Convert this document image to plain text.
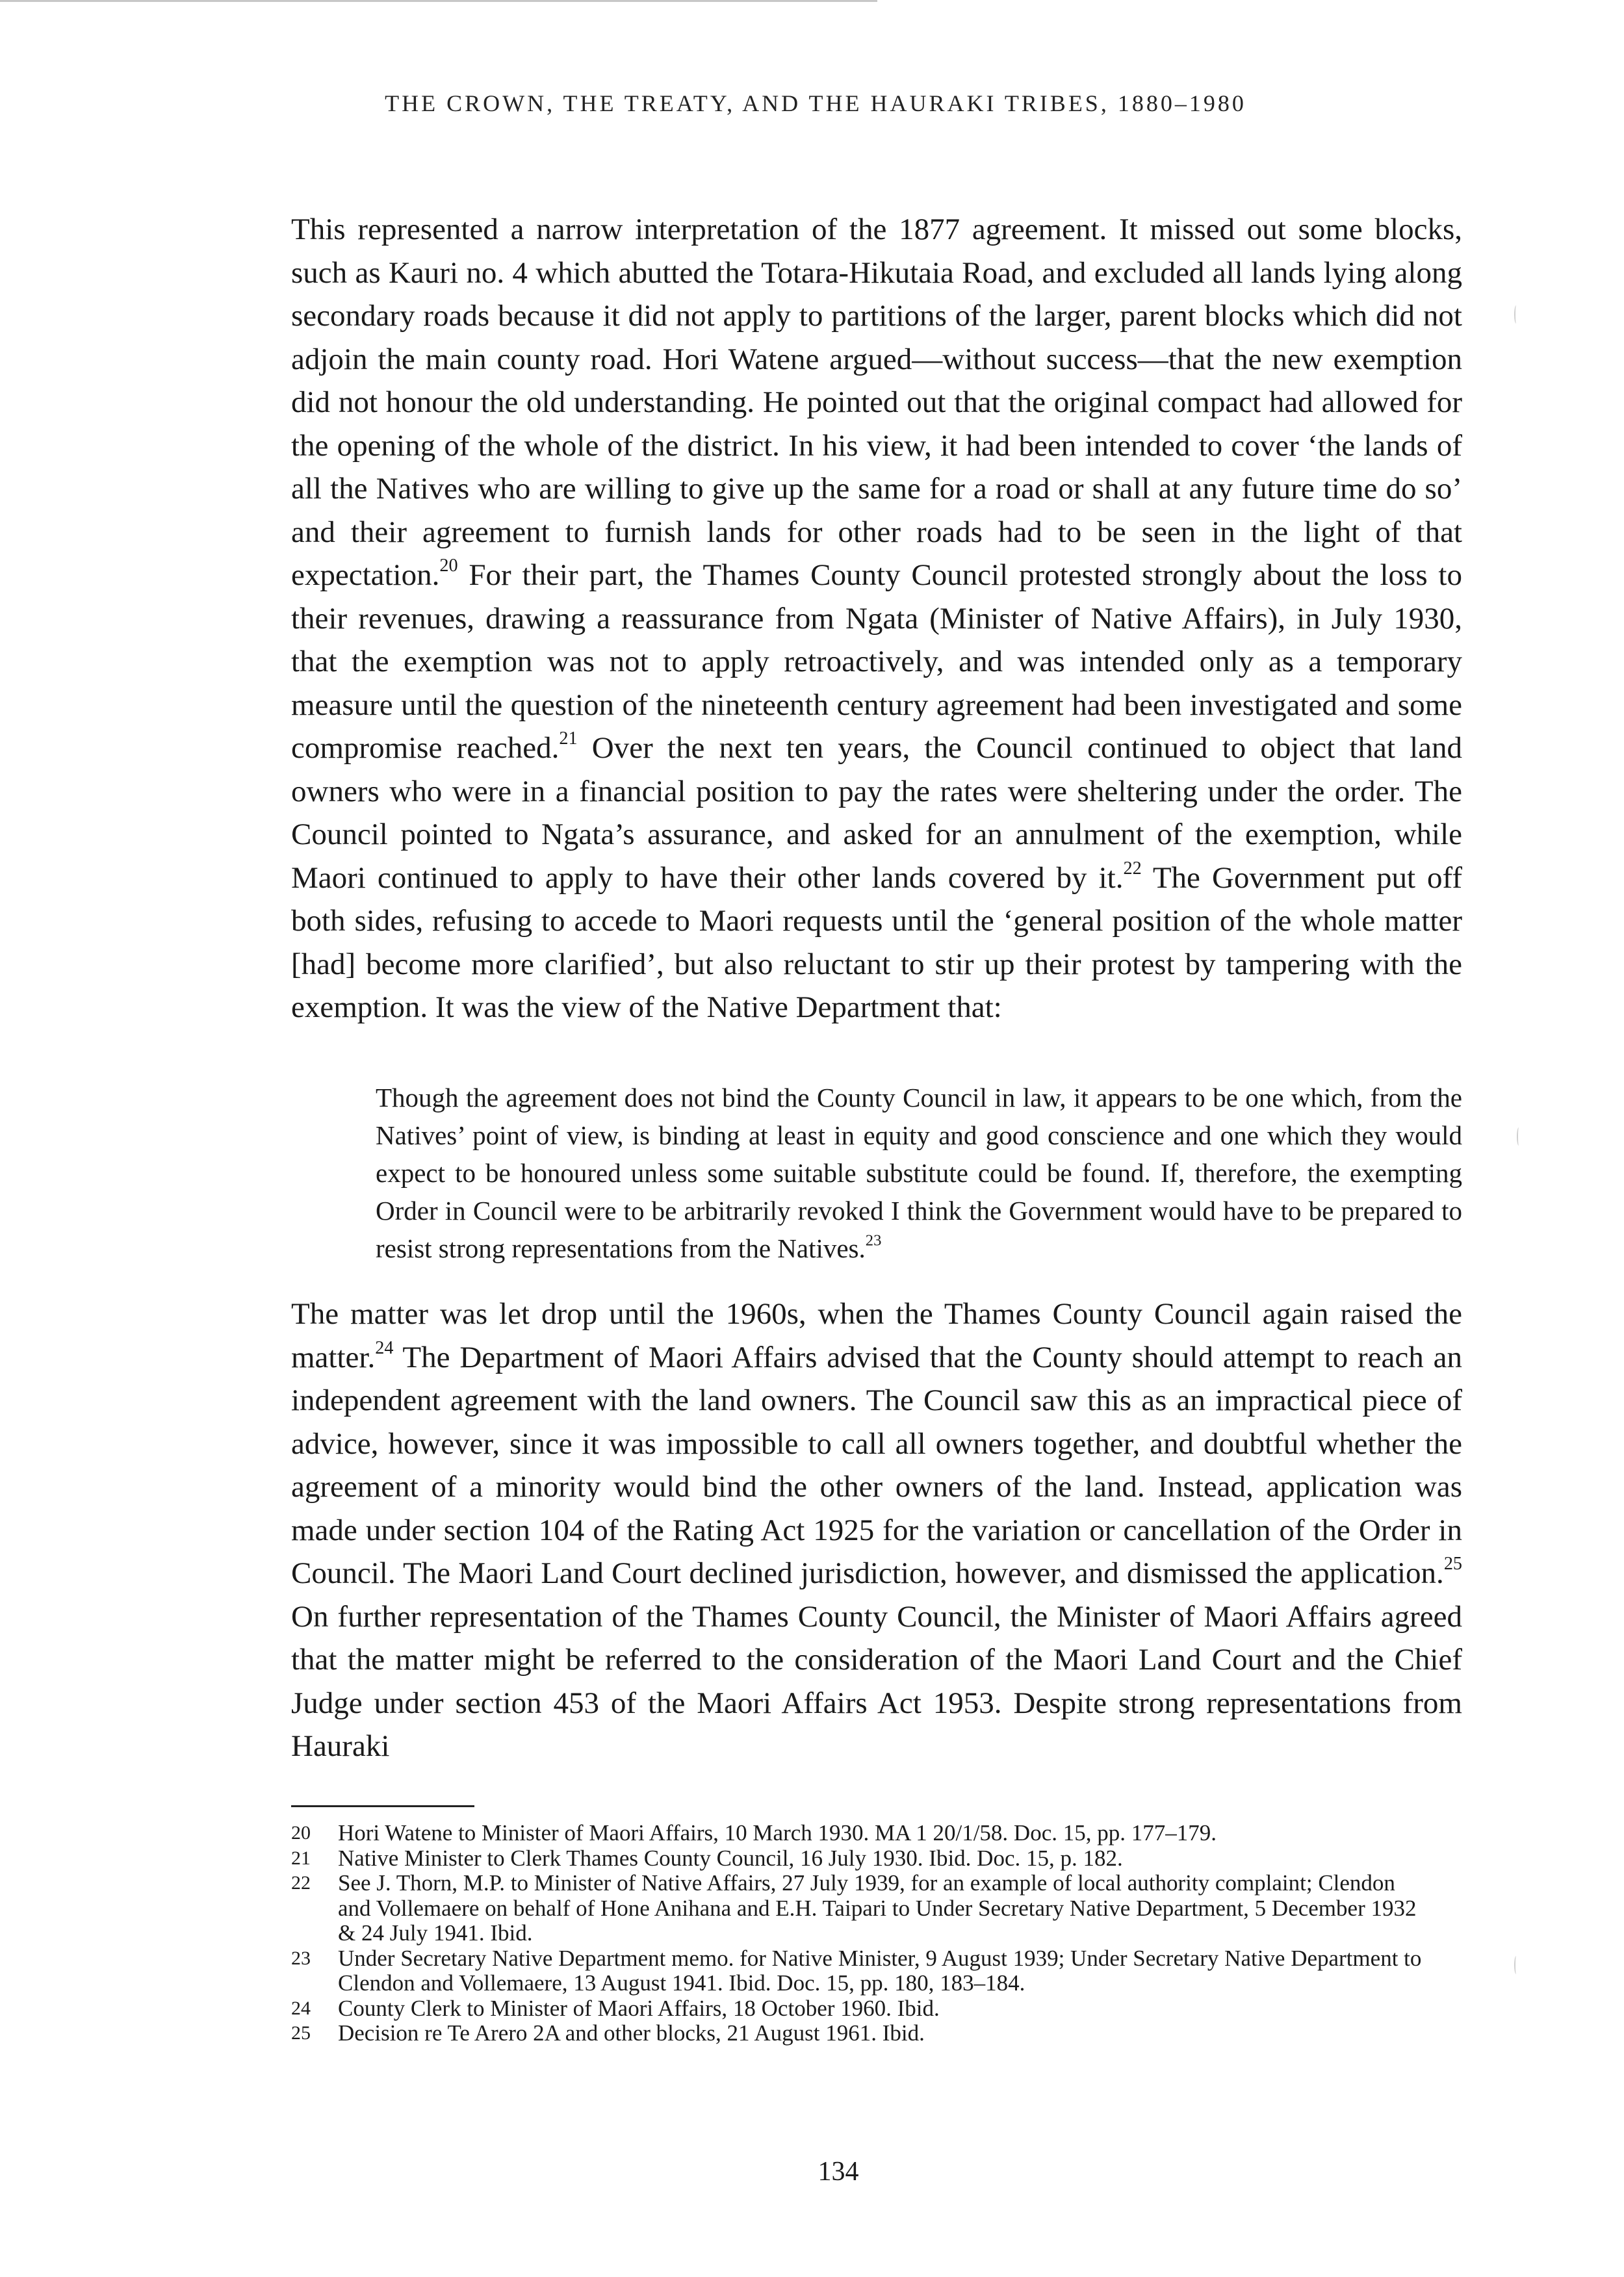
THE CROWN, THE TREATY, AND THE HAURAKI TRIBES, 1880–1980

This represented a narrow interpretation of the 1877 agreement. It missed out some blocks, such as Kauri no. 4 which abutted the Totara-Hikutaia Road, and excluded all lands lying along secondary roads because it did not apply to partitions of the larger, parent blocks which did not adjoin the main county road. Hori Watene argued—without success—that the new exemption did not honour the old understanding. He pointed out that the original compact had allowed for the opening of the whole of the district. In his view, it had been intended to cover ‘the lands of all the Natives who are willing to give up the same for a road or shall at any future time do so’ and their agreement to furnish lands for other roads had to be seen in the light of that expectation.$^{20}$ For their part, the Thames County Council protested strongly about the loss to their revenues, drawing a reassurance from Ngata (Minister of Native Affairs), in July 1930, that the exemption was not to apply retroactively, and was intended only as a temporary measure until the question of the nineteenth century agreement had been investigated and some compromise reached.$^{21}$ Over the next ten years, the Council continued to object that land owners who were in a financial position to pay the rates were sheltering under the order. The Council pointed to Ngata’s assurance, and asked for an annulment of the exemption, while Maori continued to apply to have their other lands covered by it.$^{22}$ The Government put off both sides, refusing to accede to Maori requests until the ‘general position of the whole matter [had] become more clarified’, but also reluctant to stir up their protest by tampering with the exemption. It was the view of the Native Department that:

Though the agreement does not bind the County Council in law, it appears to be one which, from the Natives’ point of view, is binding at least in equity and good conscience and one which they would expect to be honoured unless some suitable substitute could be found. If, therefore, the exempting Order in Council were to be arbitrarily revoked I think the Government would have to be prepared to resist strong representations from the Natives.$^{23}$

The matter was let drop until the 1960s, when the Thames County Council again raised the matter.$^{24}$ The Department of Maori Affairs advised that the County should attempt to reach an independent agreement with the land owners. The Council saw this as an impractical piece of advice, however, since it was impossible to call all owners together, and doubtful whether the agreement of a minority would bind the other owners of the land. Instead, application was made under section 104 of the Rating Act 1925 for the variation or cancellation of the Order in Council. The Maori Land Court declined jurisdiction, however, and dismissed the application.$^{25}$ On further representation of the Thames County Council, the Minister of Maori Affairs agreed that the matter might be referred to the consideration of the Maori Land Court and the Chief Judge under section 453 of the Maori Affairs Act 1953. Despite strong representations from Hauraki

20	Hori Watene to Minister of Maori Affairs, 10 March 1930. MA 1 20/1/58. Doc. 15, pp. 177–179.
21	Native Minister to Clerk Thames County Council, 16 July 1930. Ibid. Doc. 15, p. 182.
22	See J. Thorn, M.P. to Minister of Native Affairs, 27 July 1939, for an example of local authority complaint; Clendon and Vollemaere on behalf of Hone Anihana and E.H. Taipari to Under Secretary Native Department, 5 December 1932 & 24 July 1941. Ibid.
23	Under Secretary Native Department memo. for Native Minister, 9 August 1939; Under Secretary Native Department to Clendon and Vollemaere, 13 August 1941. Ibid. Doc. 15, pp. 180, 183–184.
24	County Clerk to Minister of Maori Affairs, 18 October 1960. Ibid.
25	Decision re Te Arero 2A and other blocks, 21 August 1961. Ibid.
134
